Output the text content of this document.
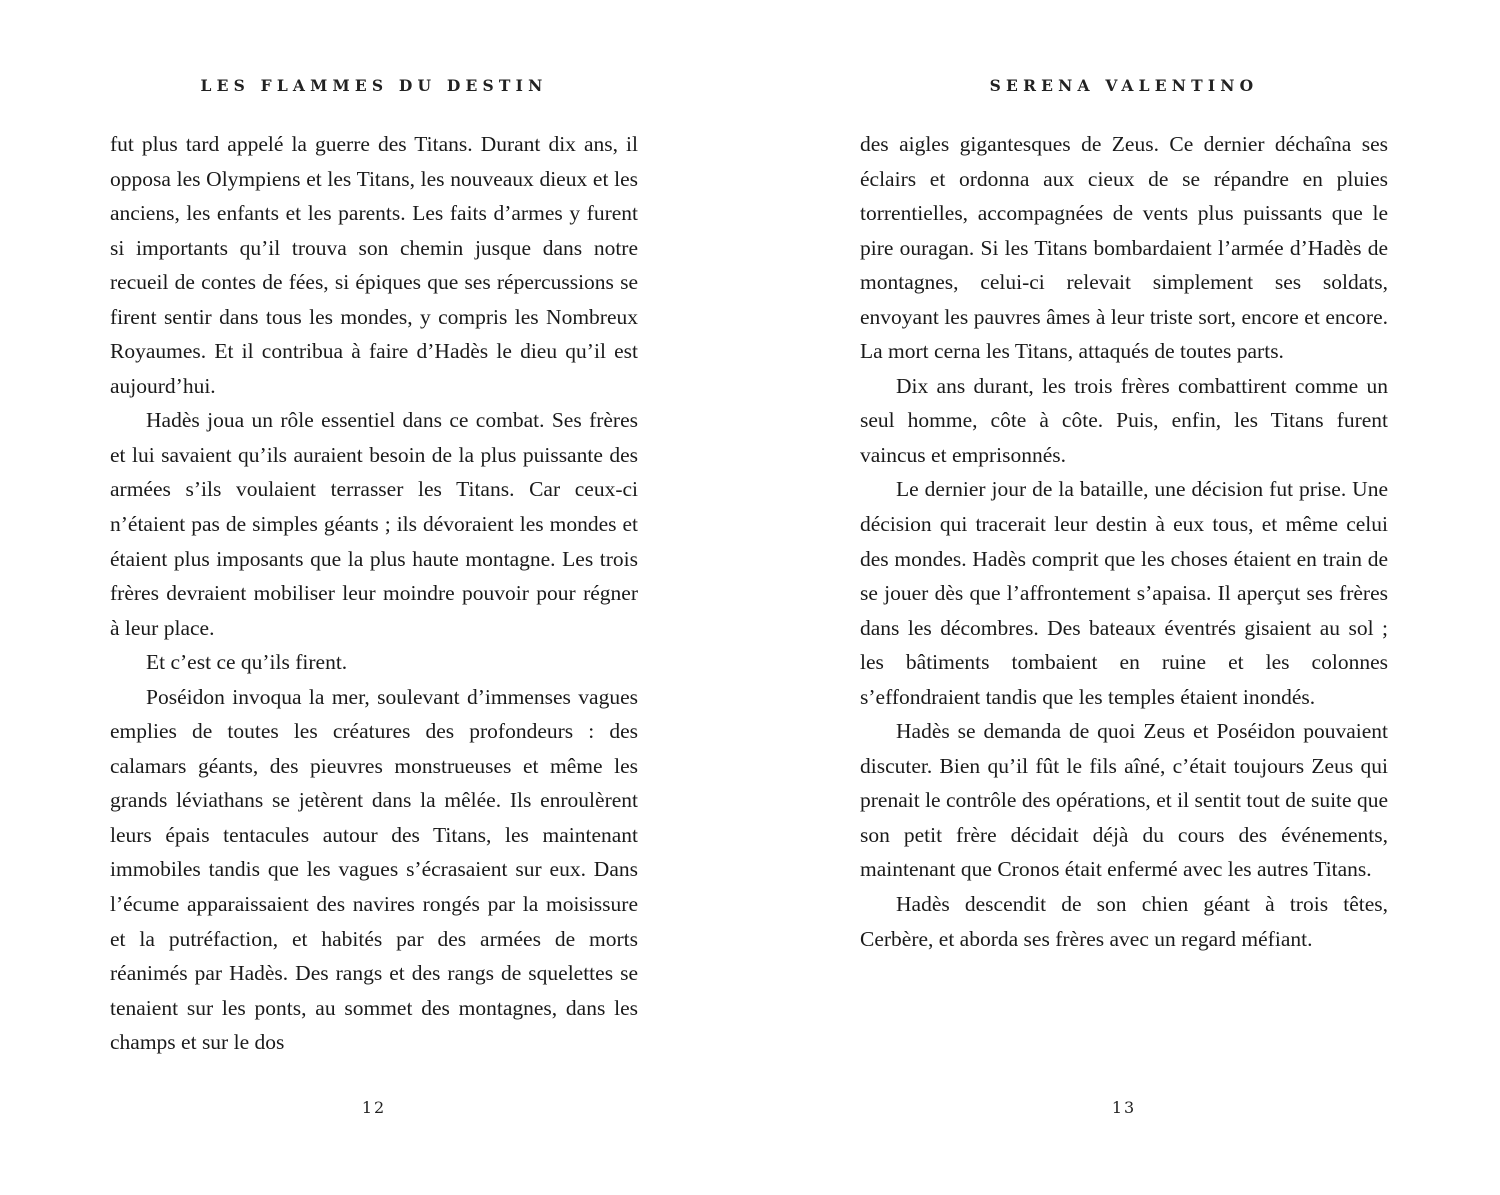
LES FLAMMES DU DESTIN

fut plus tard appelé la guerre des Titans. Durant dix ans, il opposa les Olympiens et les Titans, les nouveaux dieux et les anciens, les enfants et les parents. Les faits d’armes y furent si importants qu’il trouva son chemin jusque dans notre recueil de contes de fées, si épiques que ses répercussions se firent sentir dans tous les mondes, y compris les Nombreux Royaumes. Et il contribua à faire d’Hadès le dieu qu’il est aujourd’hui.

Hadès joua un rôle essentiel dans ce combat. Ses frères et lui savaient qu’ils auraient besoin de la plus puissante des armées s’ils voulaient terrasser les Titans. Car ceux-ci n’étaient pas de simples géants ; ils dévoraient les mondes et étaient plus imposants que la plus haute montagne. Les trois frères devraient mobiliser leur moindre pouvoir pour régner à leur place.

Et c’est ce qu’ils firent.

Poséidon invoqua la mer, soulevant d’immenses vagues emplies de toutes les créatures des profondeurs : des calamars géants, des pieuvres monstrueuses et même les grands léviathans se jetèrent dans la mêlée. Ils enroulèrent leurs épais tentacules autour des Titans, les maintenant immobiles tandis que les vagues s’écrasaient sur eux. Dans l’écume apparaissaient des navires rongés par la moisissure et la putréfaction, et habités par des armées de morts réanimés par Hadès. Des rangs et des rangs de squelettes se tenaient sur les ponts, au sommet des montagnes, dans les champs et sur le dos

12
SERENA VALENTINO

des aigles gigantesques de Zeus. Ce dernier déchaîna ses éclairs et ordonna aux cieux de se répandre en pluies torrentielles, accompagnées de vents plus puissants que le pire ouragan. Si les Titans bombardaient l’armée d’Hadès de montagnes, celui-ci relevait simplement ses soldats, envoyant les pauvres âmes à leur triste sort, encore et encore. La mort cerna les Titans, attaqués de toutes parts.

Dix ans durant, les trois frères combattirent comme un seul homme, côte à côte. Puis, enfin, les Titans furent vaincus et emprisonnés.

Le dernier jour de la bataille, une décision fut prise. Une décision qui tracerait leur destin à eux tous, et même celui des mondes. Hadès comprit que les choses étaient en train de se jouer dès que l’affrontement s’apaisa. Il aperçut ses frères dans les décombres. Des bateaux éventrés gisaient au sol ; les bâtiments tombaient en ruine et les colonnes s’effondraient tandis que les temples étaient inondés.

Hadès se demanda de quoi Zeus et Poséidon pouvaient discuter. Bien qu’il fût le fils aîné, c’était toujours Zeus qui prenait le contrôle des opérations, et il sentit tout de suite que son petit frère décidait déjà du cours des événements, maintenant que Cronos était enfermé avec les autres Titans.

Hadès descendit de son chien géant à trois têtes, Cerbère, et aborda ses frères avec un regard méfiant.

13
